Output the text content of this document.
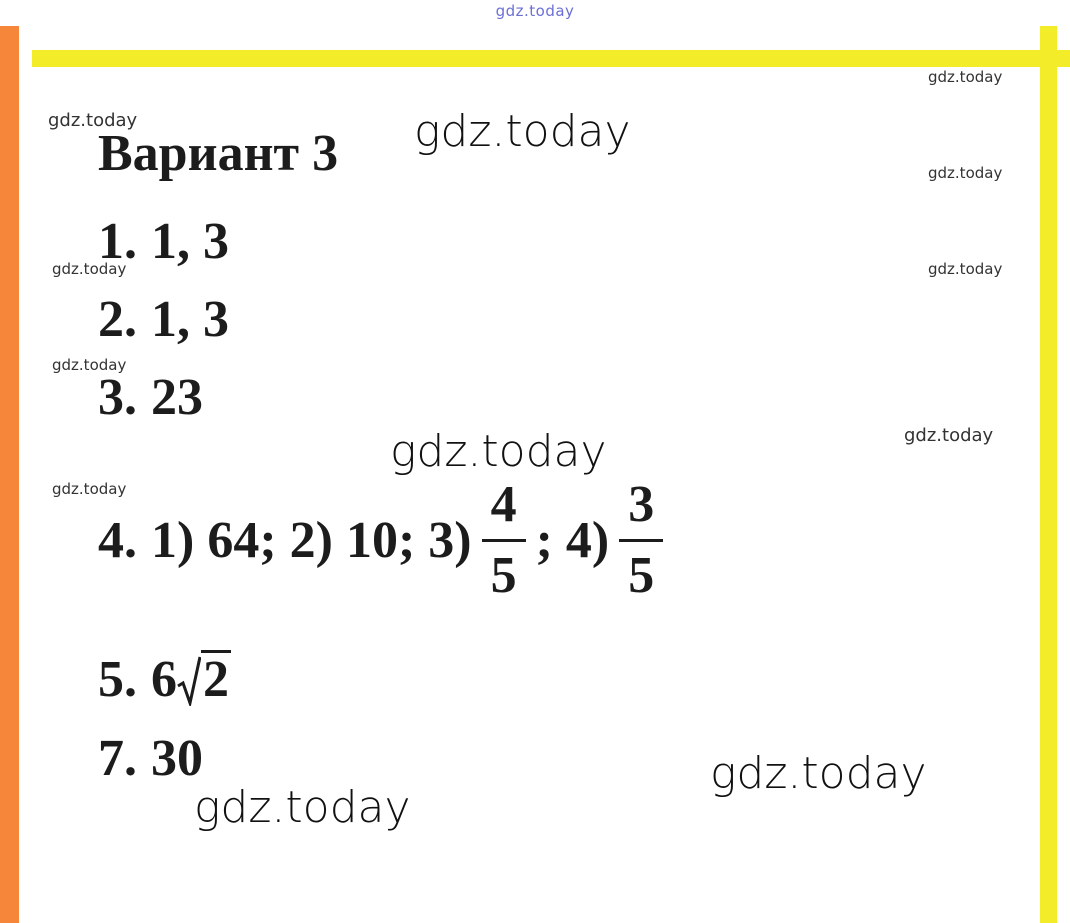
gdz.today
Вариант 3
1. 1, 3
2. 1, 3
3. 23
4. 1) 64; 2) 10; $3) \frac{4}{5}$ ; $4) \frac{3}{5}$
5. 6 2
7. 30
gdz.today
gdz.today	gdz.today
gdz.today
gdz.today	gdz.today
gdz.today
gdz.today
gdz.today
gdz.today
gdz.today
gdz.today
